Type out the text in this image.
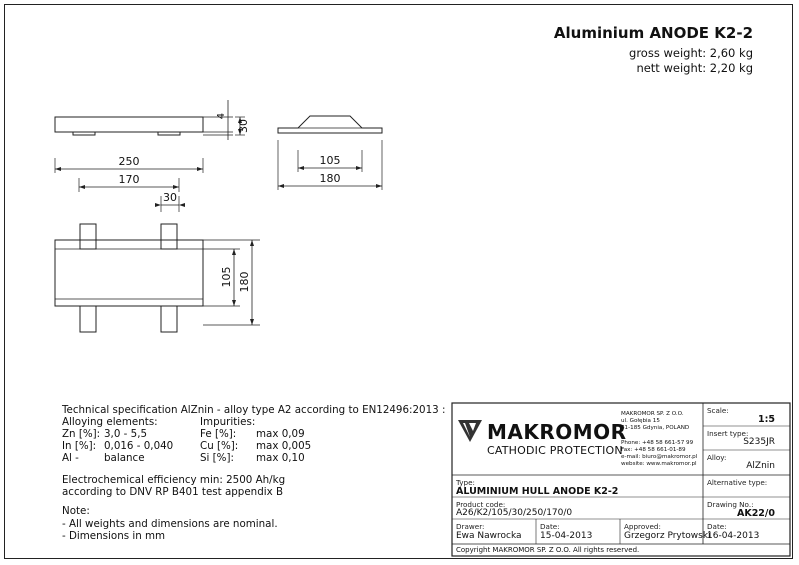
Aluminium ANODE K2-2
gross weight: 2,60 kg
nett weight: 2,20 kg
250
170
30
105
180
4
30
105 180
Technical specification AlZnin - alloy type A2 according to EN12496:2013 :
Alloying elements:	Impurities:
Zn [%]: 3,0 - 5,5	Fe [%]: max 0,09
In [%]: 0,016 - 0,040	Cu [%]: max 0,005
Al - balance	Si [%]: max 0,10
Electrochemical efficiency min: 2500 Ah/kg
according to DNV RP B401 test appendix B
Note:
- All weights and dimensions are nominal.
- Dimensions in mm
MAKROMOR
CATHODIC PROTECTION
MAKROMOR SP. Z O.O.
ul. Gołębia 15
81-185 Gdynia, POLAND
Phone: +48 58 661-57 99
Fax: +48 58 661-01-89
e-mail: biuro@makromor.pl
website: www.makromor.pl
Scale:
1:5
Insert type:
S235JR
Alloy:
AlZnin
Alternative type:
Drawing No.:
AK22/0
Type:
ALUMINIUM HULL ANODE K2-2
Product code:
A26/K2/105/30/250/170/0
Drawer:
Ewa Nawrocka
Date:
15-04-2013
Approved:
Grzegorz Prytowski
Date:
16-04-2013
Copyright MAKROMOR SP. Z O.O. All rights reserved.
